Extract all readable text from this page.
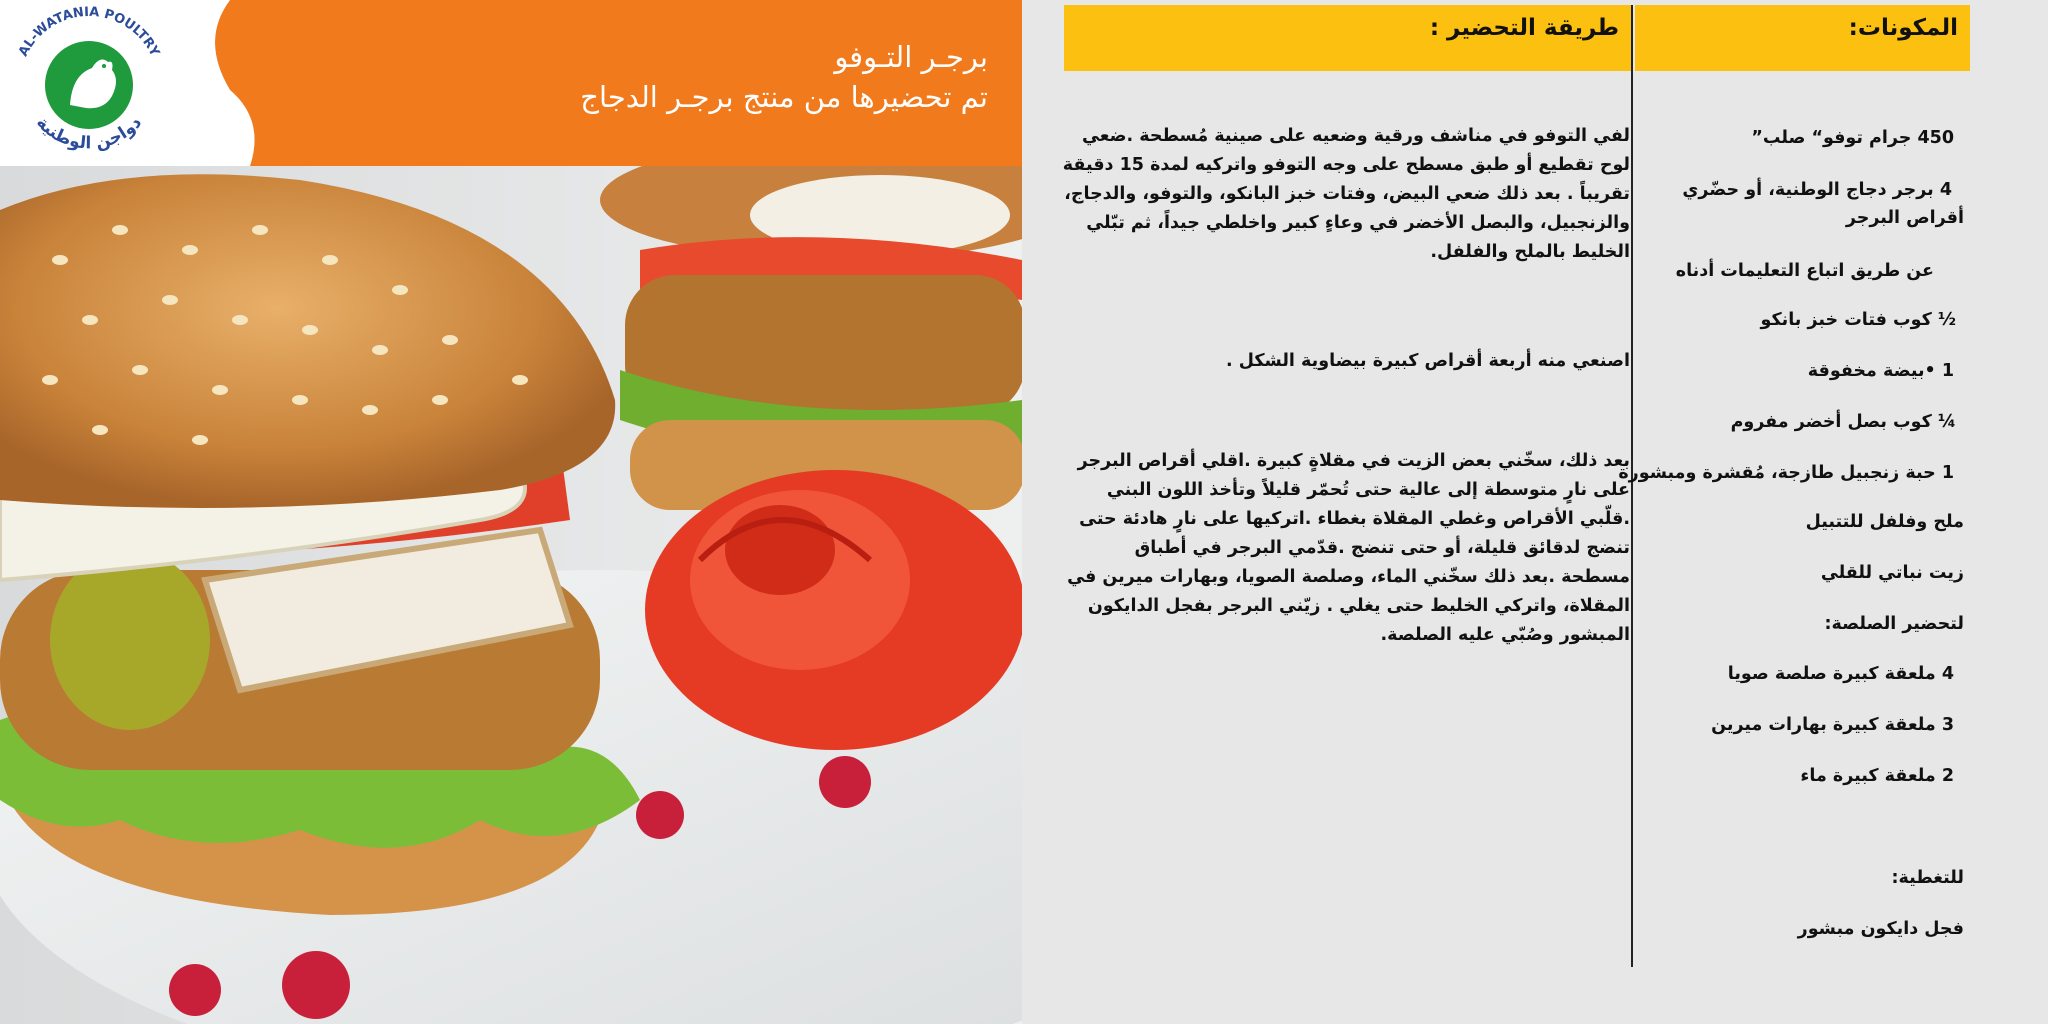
برجـر التـوفو
تم تحضيرها من منتج برجـر الدجاج
AL-WATANIA POULTRY
دواجن الوطنية
طريقة التحضير :	المكونات:

لفي التوفو في مناشف ورقية وضعيه على صينية مُسطحة .ضعي لوح تقطيع أو طبق مسطح على وجه التوفو واتركيه لمدة 15 دقيقة تقريباً . بعد ذلك ضعي البيض، وفتات خبز البانكو، والتوفو، والدجاج، والزنجبيل، والبصل الأخضر في وعاءٍ كبير واخلطي جيداً، ثم تبّلي الخليط بالملح والفلفل.

اصنعي منه أربعة أقراص كبيرة بيضاوية الشكل .

بعد ذلك، سخّني بعض الزيت في مقلاةٍ كبيرة .اقلي أقراص البرجر على نارٍ متوسطة إلى عالية حتى تُحمّر قليلاً وتأخذ اللون البني .قلّبي الأقراص وغطي المقلاة بغطاء .اتركيها على نارٍ هادئة حتى تنضج لدقائق قليلة، أو حتى تنضج .قدّمي البرجر في أطباق مسطحة .بعد ذلك سخّني الماء، وصلصة الصويا، وبهارات ميرين في المقلاة، واتركي الخليط حتى يغلي . زيّني البرجر بفجل الدايكون المبشور وصُبّي عليه الصلصة.

450 جرام توفو“ صلب”
4 برجر دجاج الوطنية، أو حضّري
أقراص البرجر
عن طريق اتباع التعليمات أدناه
½ كوب فتات خبز بانكو
1 •بيضة مخفوقة
¼ كوب بصل أخضر مفروم
1 حبة زنجبيل طازجة، مُقشرة ومبشورة
ملح وفلفل للتتبيل
زيت نباتي للقلي
لتحضير الصلصة:
4 ملعقة كبيرة صلصة صويا
3 ملعقة كبيرة بهارات ميرين
2 ملعقة كبيرة ماء
للتغطية:
فجل دايكون مبشور
